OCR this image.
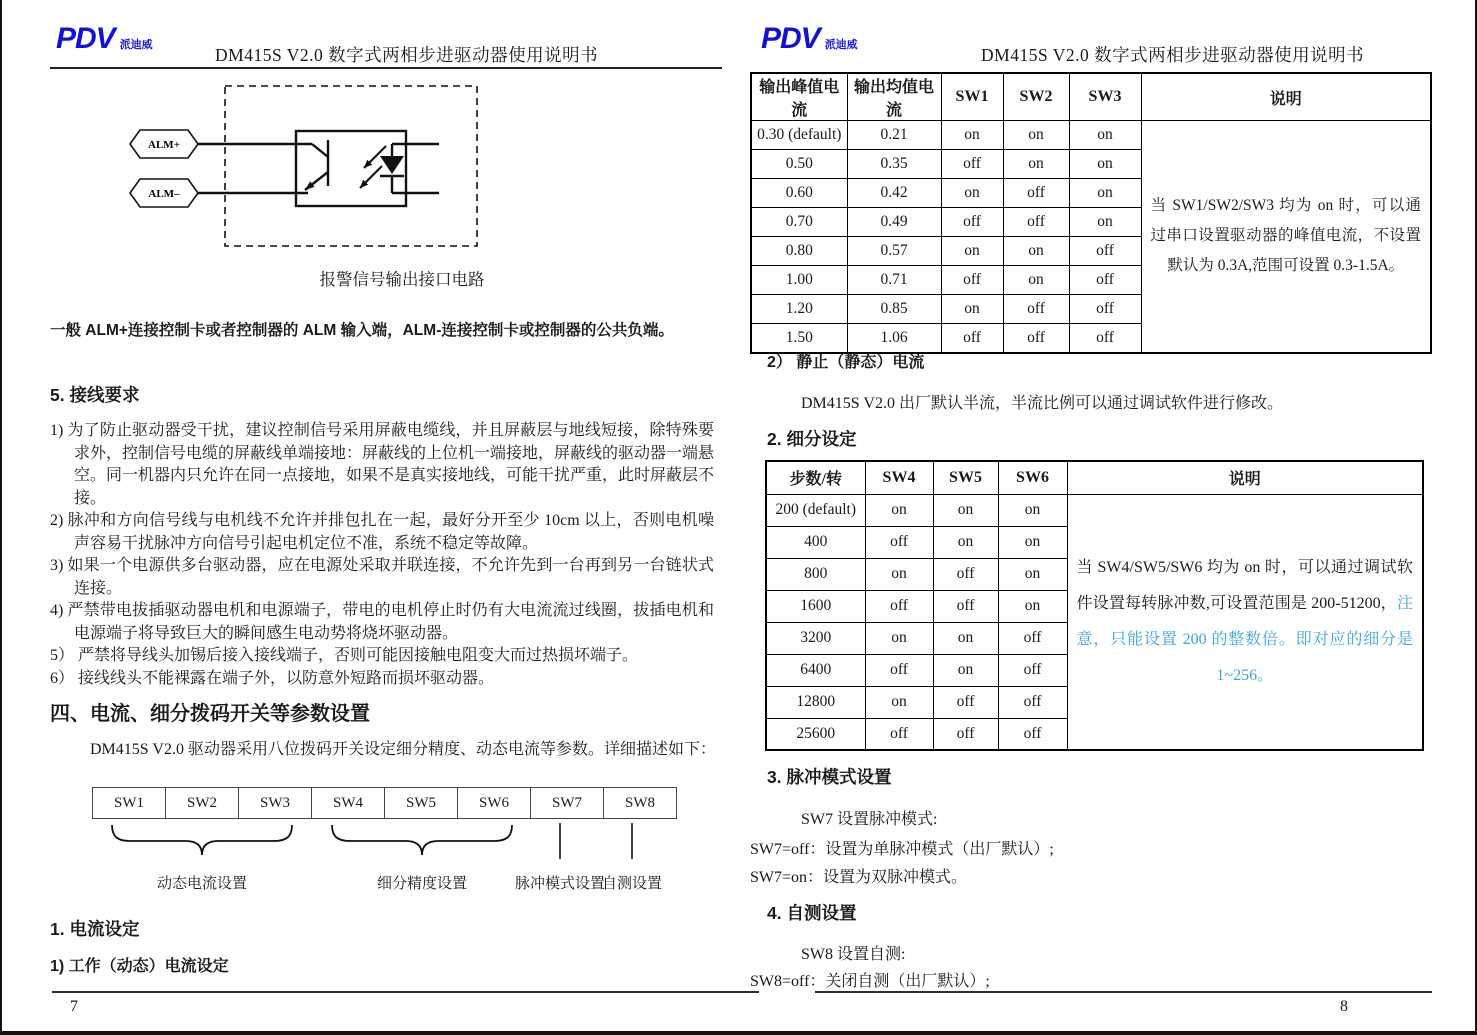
PDV 派迪威	DM415S V2.0 数字式两相步进驱动器使用说明书
ALM+
ALM–
报警信号输出接口电路
一般 ALM+连接控制卡或者控制器的 ALM 输入端，ALM-连接控制卡或控制器的公共负端。
5. 接线要求
1) 为了防止驱动器受干扰，建议控制信号采用屏蔽电缆线，并且屏蔽层与地线短接，除特殊要求外，控制信号电缆的屏蔽线单端接地：屏蔽线的上位机一端接地，屏蔽线的驱动器一端悬空。同一机器内只允许在同一点接地，如果不是真实接地线，可能干扰严重，此时屏蔽层不接。
2) 脉冲和方向信号线与电机线不允许并排包扎在一起，最好分开至少 10cm 以上，否则电机噪声容易干扰脉冲方向信号引起电机定位不准，系统不稳定等故障。
3) 如果一个电源供多台驱动器，应在电源处采取并联连接，不允许先到一台再到另一台链状式连接。
4) 严禁带电拔插驱动器电机和电源端子，带电的电机停止时仍有大电流流过线圈，拔插电机和电源端子将导致巨大的瞬间感生电动势将烧坏驱动器。
5） 严禁将导线头加锡后接入接线端子，否则可能因接触电阻变大而过热损坏端子。
6） 接线线头不能裸露在端子外，以防意外短路而损坏驱动器。
四、电流、细分拨码开关等参数设置
DM415S V2.0 驱动器采用八位拨码开关设定细分精度、动态电流等参数。详细描述如下：
SW1	SW2	SW3	SW4	SW5	SW6	SW7	SW8
动态电流设置	细分精度设置	脉冲模式设置
自测设置
1. 电流设定
1) 工作（动态）电流设定
PDV 派迪威	DM415S V2.0 数字式两相步进驱动器使用说明书
输出峰值电流	输出均值电流	SW1	SW2	SW3	说明
0.30 (default)	0.21	on	on	on	当 SW1/SW2/SW3 均为 on 时，可以通过串口设置驱动器的峰值电流，不设置默认为 0.3A,范围可设置 0.3-1.5A。
0.50	0.35	off	on	on	
0.60	0.42	on	off	on	
0.70	0.49	off	off	on	
0.80	0.57	on	on	off	
1.00	0.71	off	on	off	
1.20	0.85	on	off	off	
1.50	1.06	off	off	off	
2） 静止（静态）电流
DM415S V2.0 出厂默认半流，半流比例可以通过调试软件进行修改。
2. 细分设定
步数/转	SW4	SW5	SW6	说明
200 (default)	on	on	on	当 SW4/SW5/SW6 均为 on 时，可以通过调试软件设置每转脉冲数,可设置范围是 200-51200，注意，只能设置 200 的整数倍。即对应的细分是 1~256。
400	off	on	on	
800	on	off	on	
1600	off	off	on	
3200	on	on	off	
6400	off	on	off	
12800	on	off	off	
25600	off	off	off	
3. 脉冲模式设置
SW7 设置脉冲模式:
SW7=off：设置为单脉冲模式（出厂默认）;
SW7=on：设置为双脉冲模式。
4. 自测设置
SW8 设置自测:
SW8=off：关闭自测（出厂默认）;
7	8
